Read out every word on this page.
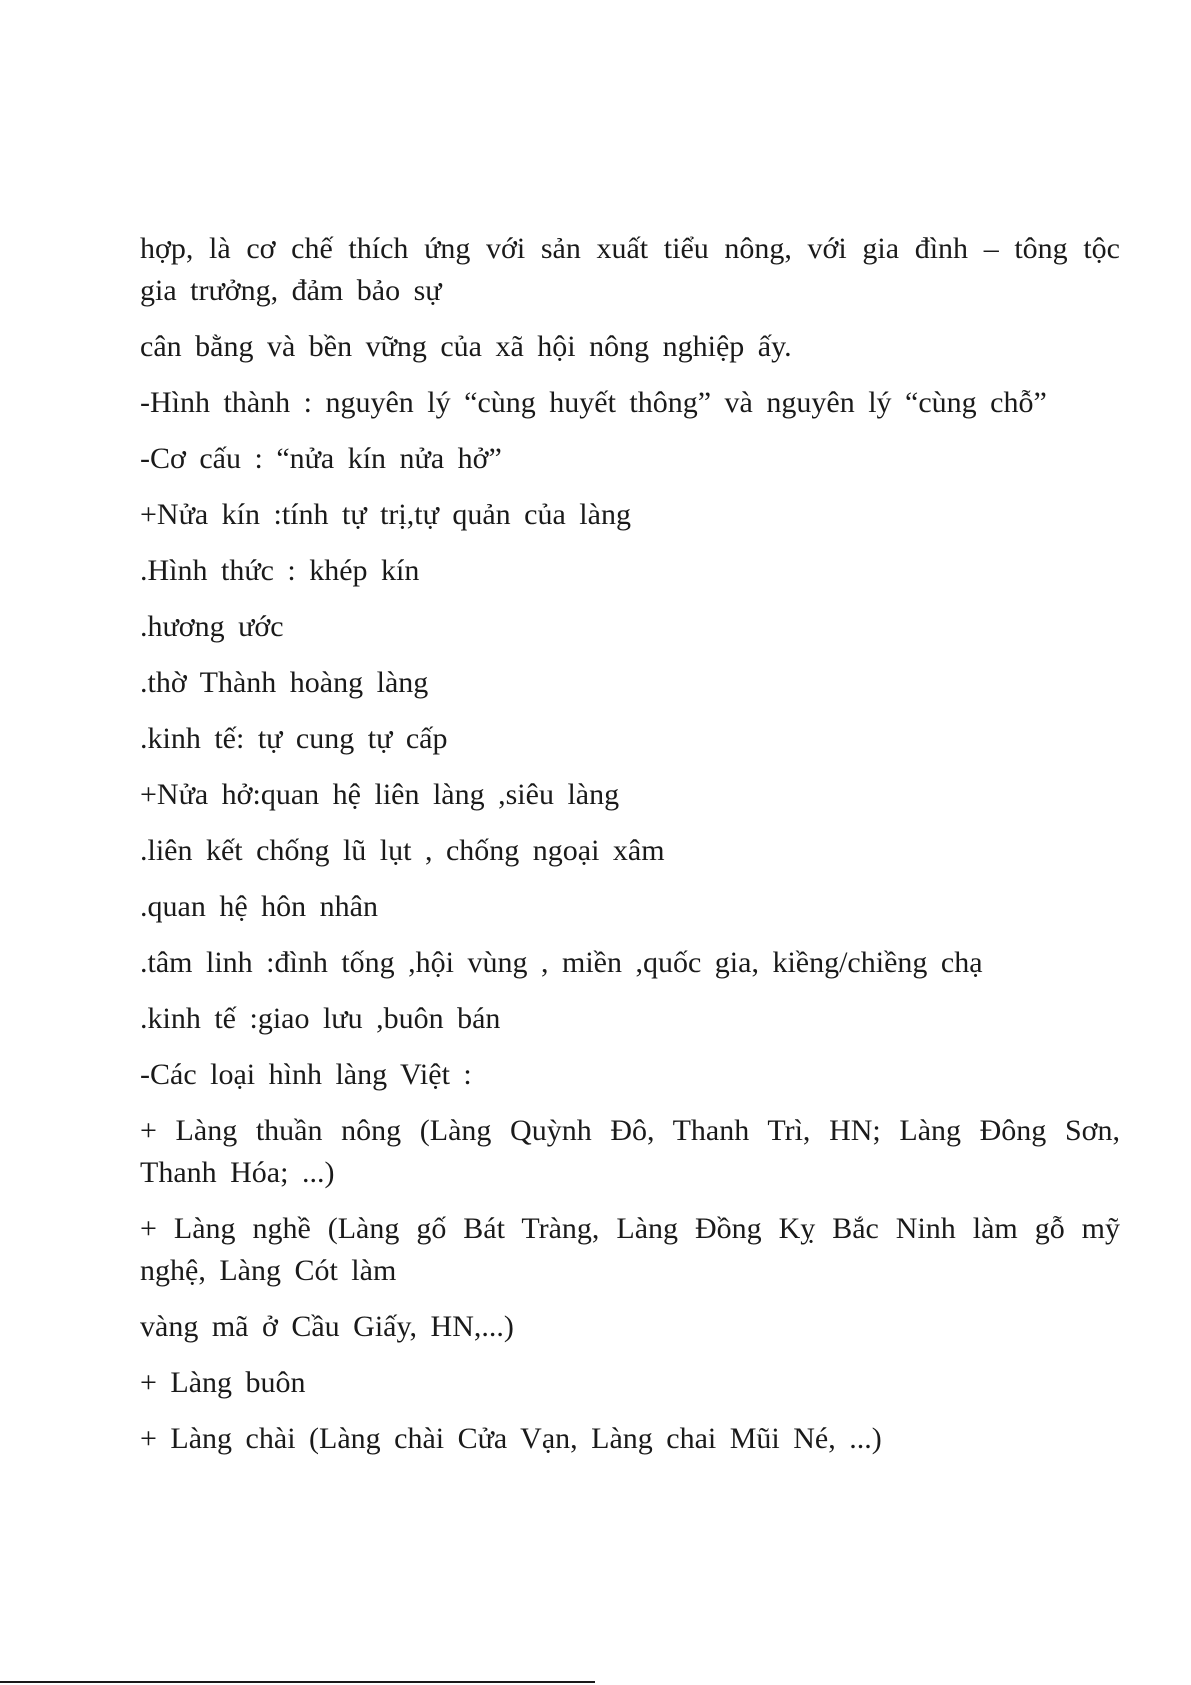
hợp, là cơ chế thích ứng với sản xuất tiểu nông, với gia đình – tông tộc gia trưởng, đảm bảo sự

cân bằng và bền vững của xã hội nông nghiệp ấy.

-Hình thành : nguyên lý “cùng huyết thông” và nguyên lý “cùng chỗ”

-Cơ cấu : “nửa kín nửa hở”

+Nửa kín :tính tự trị,tự quản của làng

.Hình thức : khép kín

.hương ước

.thờ Thành hoàng làng

.kinh tế: tự cung tự cấp

+Nửa hở:quan hệ liên làng ,siêu làng

.liên kết chống lũ lụt , chống ngoại xâm

.quan hệ hôn nhân

.tâm linh :đình tống ,hội vùng , miền ,quốc gia, kiềng/chiềng chạ

.kinh tế :giao lưu ,buôn bán

-Các loại hình làng Việt :

+ Làng thuần nông (Làng Quỳnh Đô, Thanh Trì, HN; Làng Đông Sơn, Thanh Hóa; ...)

+ Làng nghề (Làng gố Bát Tràng, Làng Đồng Kỵ Bắc Ninh làm gỗ mỹ nghệ, Làng Cót làm

vàng mã ở Cầu Giấy, HN,...)

+ Làng buôn

+ Làng chài (Làng chài Cửa Vạn, Làng chai Mũi Né, ...)
